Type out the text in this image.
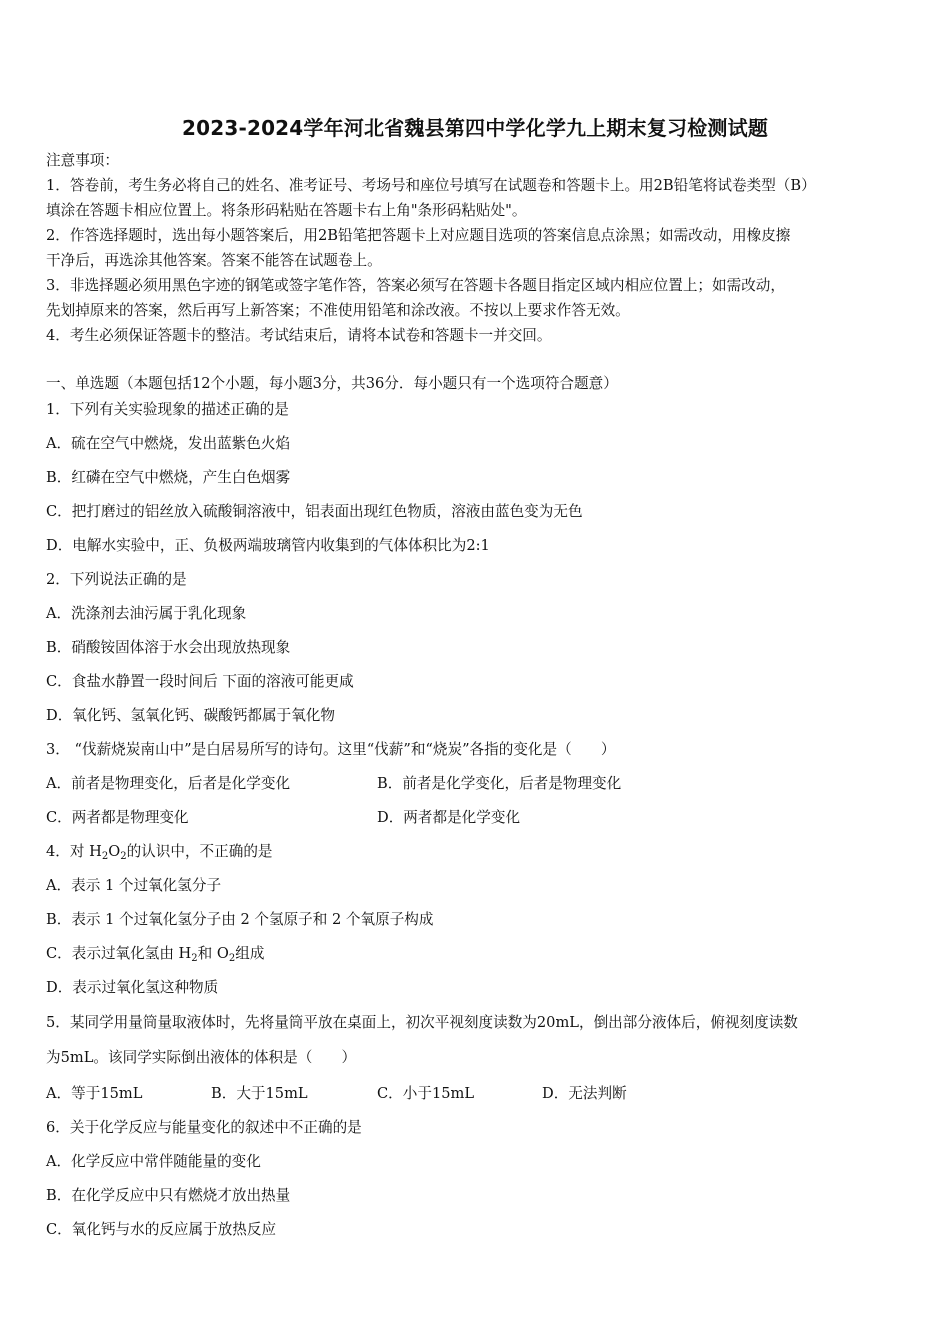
2023-2024学年河北省魏县第四中学化学九上期末复习检测试题
注意事项：
1．答卷前，考生务必将自己的姓名、准考证号、考场号和座位号填写在试题卷和答题卡上。用2B铅笔将试卷类型（B）
填涂在答题卡相应位置上。将条形码粘贴在答题卡右上角"条形码粘贴处"。
2．作答选择题时，选出每小题答案后，用2B铅笔把答题卡上对应题目选项的答案信息点涂黑；如需改动，用橡皮擦
干净后，再选涂其他答案。答案不能答在试题卷上。
3．非选择题必须用黑色字迹的钢笔或签字笔作答，答案必须写在答题卡各题目指定区域内相应位置上；如需改动，
先划掉原来的答案，然后再写上新答案；不准使用铅笔和涂改液。不按以上要求作答无效。
4．考生必须保证答题卡的整洁。考试结束后，请将本试卷和答题卡一并交回。
一、单选题（本题包括12个小题，每小题3分，共36分．每小题只有一个选项符合题意）
1．下列有关实验现象的描述正确的是
A．硫在空气中燃烧，发出蓝紫色火焰
B．红磷在空气中燃烧，产生白色烟雾
C．把打磨过的铝丝放入硫酸铜溶液中，铝表面出现红色物质，溶液由蓝色变为无色
D．电解水实验中，正、负极两端玻璃管内收集到的气体体积比为2:1
2．下列说法正确的是
A．洗涤剂去油污属于乳化现象
B．硝酸铵固体溶于水会出现放热现象
C．食盐水静置一段时间后 下面的溶液可能更咸
D．氧化钙、氢氧化钙、碳酸钙都属于氧化物
3． “伐薪烧炭南山中”是白居易所写的诗句。这里“伐薪”和“烧炭”各指的变化是（　　）
A．前者是物理变化，后者是化学变化	B．前者是化学变化，后者是物理变化
C．两者都是物理变化	D．两者都是化学变化
4．对 $H_2O_2$的认识中，不正确的是
A．表示 1 个过氧化氢分子
B．表示 1 个过氧化氢分子由 2 个氢原子和 2 个氧原子构成
C．表示过氧化氢由 $H_2$和 $O_2$组成
D．表示过氧化氢这种物质
5．某同学用量筒量取液体时，先将量筒平放在桌面上，初次平视刻度读数为20mL，倒出部分液体后，俯视刻度读数
为5mL。该同学实际倒出液体的体积是（　　）
A．等于15mL	B．大于15mL	C．小于15mL	D．无法判断
6．关于化学反应与能量变化的叙述中不正确的是
A．化学反应中常伴随能量的变化
B．在化学反应中只有燃烧才放出热量
C．氧化钙与水的反应属于放热反应
